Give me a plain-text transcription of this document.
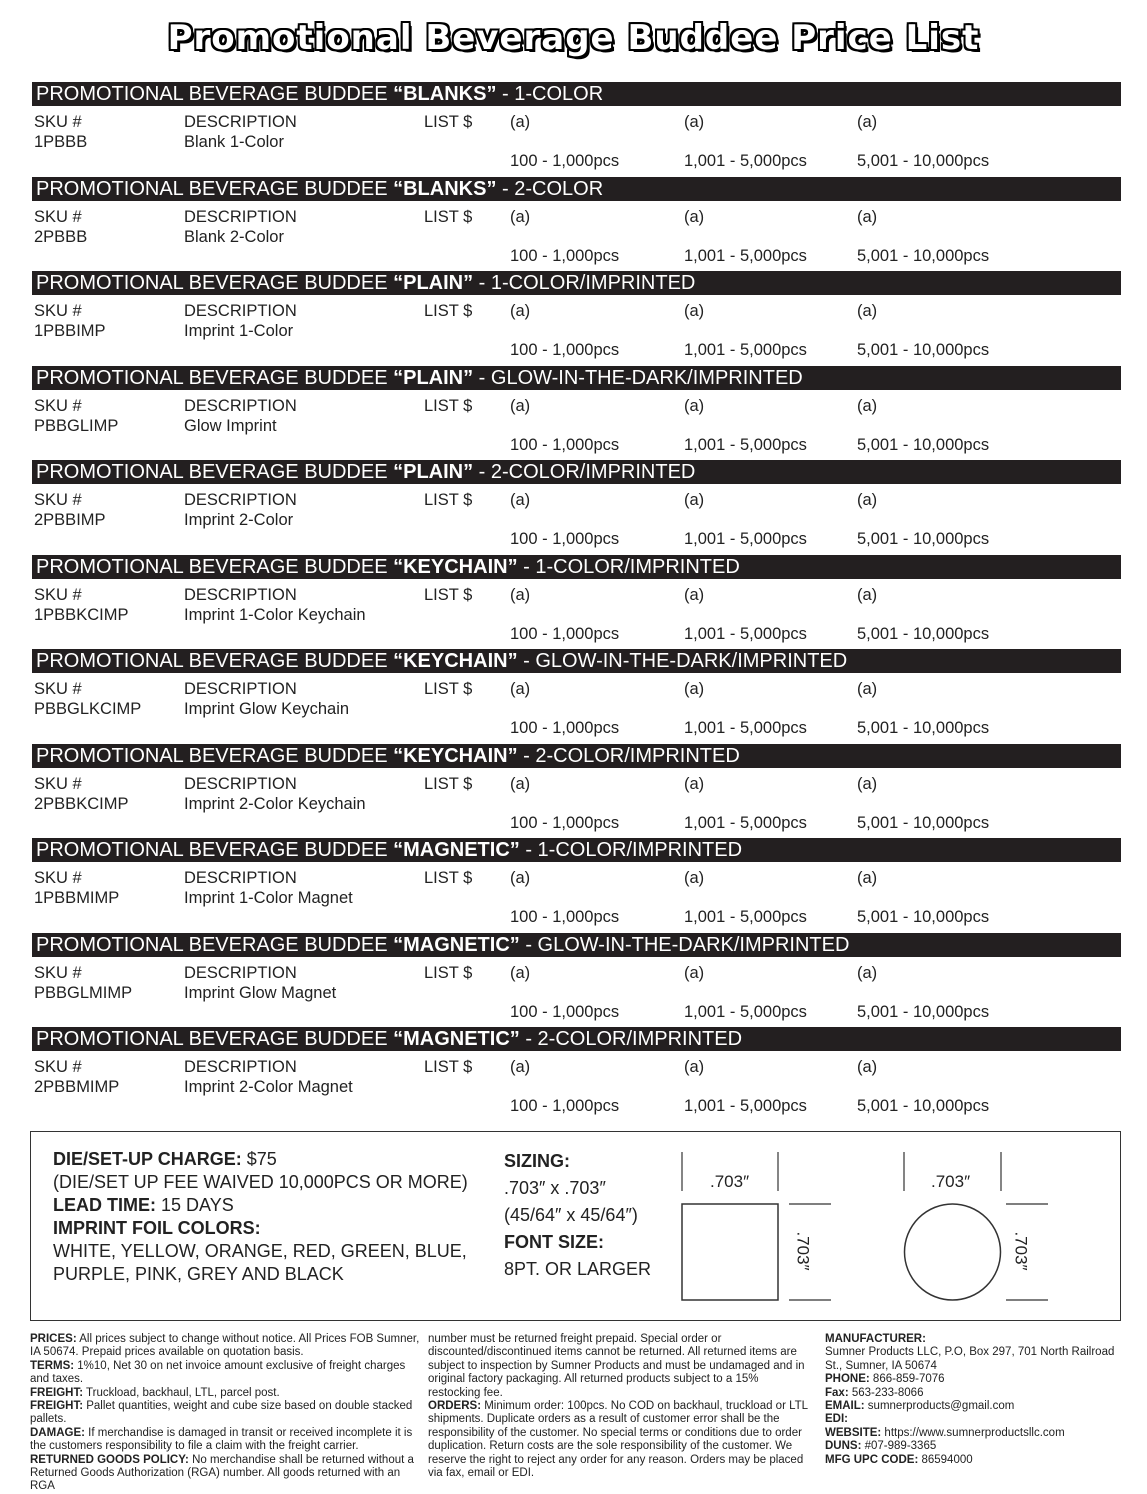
Promotional Beverage Buddee Price List
PROMOTIONAL BEVERAGE BUDDEE “BLANKS” - 1-COLOR
SKU #	DESCRIPTION	LIST $ (a)	(a)	(a)
1PBBB	Blank 1-Color
100 - 1,000pcs	1,001 - 5,000pcs	5,001 - 10,000pcs
PROMOTIONAL BEVERAGE BUDDEE “BLANKS” - 2-COLOR
SKU #	DESCRIPTION	LIST $ (a)	(a)	(a)
2PBBB	Blank 2-Color
100 - 1,000pcs	1,001 - 5,000pcs	5,001 - 10,000pcs
PROMOTIONAL BEVERAGE BUDDEE “PLAIN” - 1-COLOR/IMPRINTED
SKU #	DESCRIPTION	LIST $ (a)	(a)	(a)
1PBBIMP	Imprint 1-Color
100 - 1,000pcs	1,001 - 5,000pcs	5,001 - 10,000pcs
PROMOTIONAL BEVERAGE BUDDEE “PLAIN” - GLOW-IN-THE-DARK/IMPRINTED
SKU #	DESCRIPTION	LIST $ (a)	(a)	(a)
PBBGLIMP	Glow Imprint
100 - 1,000pcs	1,001 - 5,000pcs	5,001 - 10,000pcs
PROMOTIONAL BEVERAGE BUDDEE “PLAIN” - 2-COLOR/IMPRINTED
SKU #	DESCRIPTION	LIST $ (a)	(a)	(a)
2PBBIMP	Imprint 2-Color
100 - 1,000pcs	1,001 - 5,000pcs	5,001 - 10,000pcs
PROMOTIONAL BEVERAGE BUDDEE “KEYCHAIN” - 1-COLOR/IMPRINTED
SKU #	DESCRIPTION	LIST $ (a)	(a)	(a)
1PBBKCIMP	Imprint 1-Color Keychain
100 - 1,000pcs	1,001 - 5,000pcs	5,001 - 10,000pcs
PROMOTIONAL BEVERAGE BUDDEE “KEYCHAIN” - GLOW-IN-THE-DARK/IMPRINTED
SKU #	DESCRIPTION	LIST $ (a)	(a)	(a)
PBBGLKCIMP	Imprint Glow Keychain
100 - 1,000pcs	1,001 - 5,000pcs	5,001 - 10,000pcs
PROMOTIONAL BEVERAGE BUDDEE “KEYCHAIN” - 2-COLOR/IMPRINTED
SKU #	DESCRIPTION	LIST $ (a)	(a)	(a)
2PBBKCIMP	Imprint 2-Color Keychain
100 - 1,000pcs	1,001 - 5,000pcs	5,001 - 10,000pcs
PROMOTIONAL BEVERAGE BUDDEE “MAGNETIC” - 1-COLOR/IMPRINTED
SKU #	DESCRIPTION	LIST $ (a)	(a)	(a)
1PBBMIMP	Imprint 1-Color Magnet
100 - 1,000pcs	1,001 - 5,000pcs	5,001 - 10,000pcs
PROMOTIONAL BEVERAGE BUDDEE “MAGNETIC” - GLOW-IN-THE-DARK/IMPRINTED
SKU #	DESCRIPTION	LIST $ (a)	(a)	(a)
PBBGLMIMP	Imprint Glow Magnet
100 - 1,000pcs	1,001 - 5,000pcs	5,001 - 10,000pcs
PROMOTIONAL BEVERAGE BUDDEE “MAGNETIC” - 2-COLOR/IMPRINTED
SKU #	DESCRIPTION	LIST $ (a)	(a)	(a)
2PBBMIMP	Imprint 2-Color Magnet
100 - 1,000pcs	1,001 - 5,000pcs	5,001 - 10,000pcs
DIE/SET-UP CHARGE: $75
(DIE/SET UP FEE WAIVED 10,000PCS OR MORE)
LEAD TIME: 15 DAYS
IMPRINT FOIL COLORS:
WHITE, YELLOW, ORANGE, RED, GREEN, BLUE,
PURPLE, PINK, GREY AND BLACK
SIZING:
.703″ x .703″
(45/64″ x 45/64″)
FONT SIZE:
8PT. OR LARGER
.703″
.703″
.703″
.703″
PRICES: All prices subject to change without notice. All Prices FOB Sumner, IA 50674. Prepaid prices available on quotation basis.
TERMS: 1%10, Net 30 on net invoice amount exclusive of freight charges and taxes.
FREIGHT: Truckload, backhaul, LTL, parcel post.
FREIGHT: Pallet quantities, weight and cube size based on double stacked pallets.
DAMAGE: If merchandise is damaged in transit or received incomplete it is the customers responsibility to file a claim with the freight carrier.
RETURNED GOODS POLICY: No merchandise shall be returned without a Returned Goods Authorization (RGA) number. All goods returned with an RGA
number must be returned freight prepaid. Special order or discounted/discontinued items cannot be returned. All returned items are subject to inspection by Sumner Products and must be undamaged and in original factory packaging. All returned products subject to a 15% restocking fee.
ORDERS: Minimum order: 100pcs. No COD on backhaul, truckload or LTL shipments. Duplicate orders as a result of customer error shall be the responsibility of the customer. No special terms or conditions due to order duplication. Return costs are the sole responsibility of the customer. We reserve the right to reject any order for any reason. Orders may be placed via fax, email or EDI.
MANUFACTURER:
Sumner Products LLC, P.O, Box 297, 701 North Railroad St., Sumner, IA 50674
PHONE: 866-859-7076
Fax: 563-233-8066
EMAIL: sumnerproducts@gmail.com
EDI:
WEBSITE: https://www.sumnerproductsllc.com
DUNS: #07-989-3365
MFG UPC CODE: 86594000
